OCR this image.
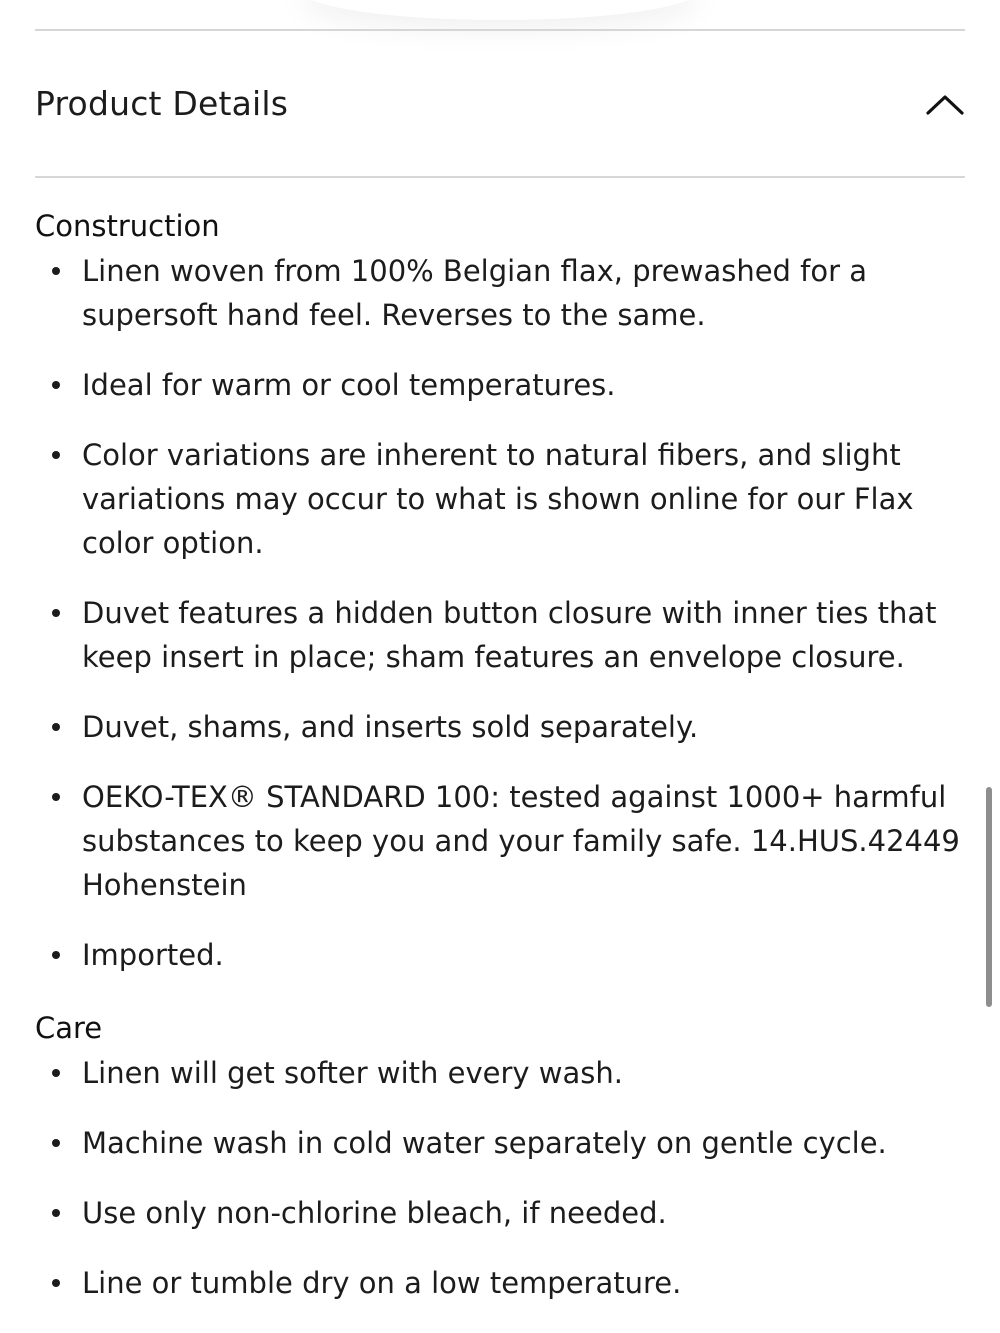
Product Details
Construction
Linen woven from 100% Belgian flax, prewashed for a supersoft hand feel. Reverses to the same.
Ideal for warm or cool temperatures.
Color variations are inherent to natural fibers, and slight variations may occur to what is shown online for our Flax color option.
Duvet features a hidden button closure with inner ties that keep insert in place; sham features an envelope closure.
Duvet, shams, and inserts sold separately.
OEKO-TEX® STANDARD 100: tested against 1000+ harmful substances to keep you and your family safe. 14.HUS.42449 Hohenstein
Imported.
Care
Linen will get softer with every wash.
Machine wash in cold water separately on gentle cycle.
Use only non-chlorine bleach, if needed.
Line or tumble dry on a low temperature.
